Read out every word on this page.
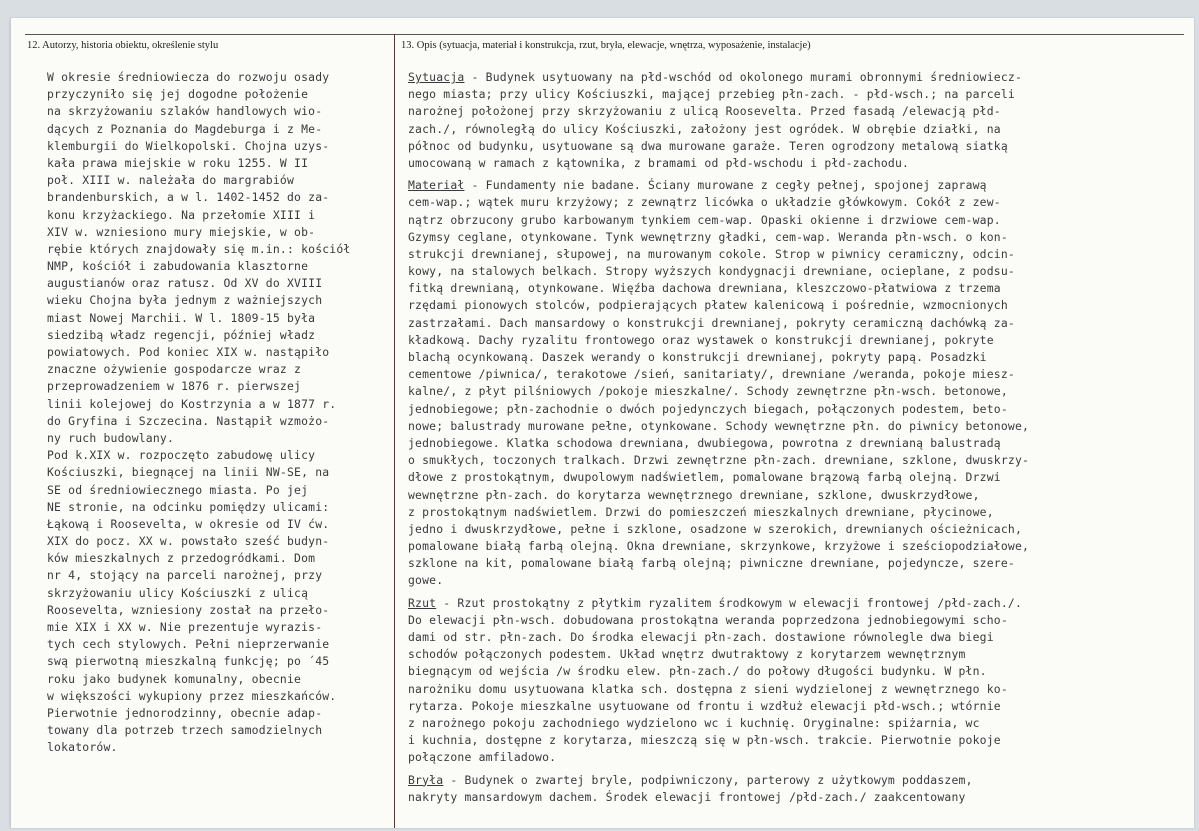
12. Autorzy, historia obiektu, określenie stylu	13. Opis (sytuacja, materiał i konstrukcja, rzut, bryła, elewacje, wnętrza, wyposażenie, instalacje)
W okresie średniowiecza do rozwoju osady
przyczyniło się jej dogodne położenie
na skrzyżowaniu szlaków handlowych wio-
dących z Poznania do Magdeburga i z Me-
klemburgii do Wielkopolski. Chojna uzys-
kała prawa miejskie w roku 1255. W II
poł. XIII w. należała do margrabiów
brandenburskich, a w l. 1402-1452 do za-
konu krzyżackiego. Na przełomie XIII i
XIV w. wzniesiono mury miejskie, w ob-
rębie których znajdowały się m.in.: kościół
NMP, kościół i zabudowania klasztorne
augustianów oraz ratusz. Od XV do XVIII
wieku Chojna była jednym z ważniejszych
miast Nowej Marchii. W l. 1809-15 była
siedzibą władz regencji, później władz
powiatowych. Pod koniec XIX w. nastąpiło
znaczne ożywienie gospodarcze wraz z
przeprowadzeniem w 1876 r. pierwszej
linii kolejowej do Kostrzynia a w 1877 r.
do Gryfina i Szczecina. Nastąpił wzmożo-
ny ruch budowlany.
Pod k.XIX w. rozpoczęto zabudowę ulicy
Kościuszki, biegnącej na linii NW-SE, na
SE od średniowiecznego miasta. Po jej
NE stronie, na odcinku pomiędzy ulicami:
Łąkową i Roosevelta, w okresie od IV ćw.
XIX do pocz. XX w. powstało sześć budyn-
ków mieszkalnych z przedogródkami. Dom
nr 4, stojący na parceli narożnej, przy
skrzyżowaniu ulicy Kościuszki z ulicą
Roosevelta, wzniesiony został na przeło-
mie XIX i XX w. Nie prezentuje wyrazis-
tych cech stylowych. Pełni nieprzerwanie
swą pierwotną mieszkalną funkcję; po ´45
roku jako budynek komunalny, obecnie
w większości wykupiony przez mieszkańców.
Pierwotnie jednorodzinny, obecnie adap-
towany dla potrzeb trzech samodzielnych
lokatorów.
Sytuacja - Budynek usytuowany na płd-wschód od okolonego murami obronnymi średniowiecz-
nego miasta; przy ulicy Kościuszki, mającej przebieg płn-zach. - płd-wsch.; na parceli
narożnej położonej przy skrzyżowaniu z ulicą Roosevelta. Przed fasadą /elewacją płd-
zach./, równoległą do ulicy Kościuszki, założony jest ogródek. W obrębie działki, na
północ od budynku, usytuowane są dwa murowane garaże. Teren ogrodzony metalową siatką
umocowaną w ramach z kątownika, z bramami od płd-wschodu i płd-zachodu.
Materiał - Fundamenty nie badane. Ściany murowane z cegły pełnej, spojonej zaprawą
cem-wap.; wątek muru krzyżowy; z zewnątrz licówka o układzie główkowym. Cokół z zew-
nątrz obrzucony grubo karbowanym tynkiem cem-wap. Opaski okienne i drzwiowe cem-wap.
Gzymsy ceglane, otynkowane. Tynk wewnętrzny gładki, cem-wap. Weranda płn-wsch. o kon-
strukcji drewnianej, słupowej, na murowanym cokole. Strop w piwnicy ceramiczny, odcin-
kowy, na stalowych belkach. Stropy wyższych kondygnacji drewniane, ocieplane, z podsu-
fitką drewnianą, otynkowane. Więźba dachowa drewniana, kleszczowo-płatwiowa z trzema
rzędami pionowych stolców, podpierających płatew kalenicową i pośrednie, wzmocnionych
zastrzałami. Dach mansardowy o konstrukcji drewnianej, pokryty ceramiczną dachówką za-
kładkową. Dachy ryzalitu frontowego oraz wystawek o konstrukcji drewnianej, pokryte
blachą ocynkowaną. Daszek werandy o konstrukcji drewnianej, pokryty papą. Posadzki
cementowe /piwnica/, terakotowe /sień, sanitariaty/, drewniane /weranda, pokoje miesz-
kalne/, z płyt pilśniowych /pokoje mieszkalne/. Schody zewnętrzne płn-wsch. betonowe,
jednobiegowe; płn-zachodnie o dwóch pojedynczych biegach, połączonych podestem, beto-
nowe; balustrady murowane pełne, otynkowane. Schody wewnętrzne płn. do piwnicy betonowe,
jednobiegowe. Klatka schodowa drewniana, dwubiegowa, powrotna z drewnianą balustradą
o smukłych, toczonych tralkach. Drzwi zewnętrzne płn-zach. drewniane, szklone, dwuskrzy-
dłowe z prostokątnym, dwupolowym nadświetlem, pomalowane brązową farbą olejną. Drzwi
wewnętrzne płn-zach. do korytarza wewnętrznego drewniane, szklone, dwuskrzydłowe,
z prostokątnym nadświetlem. Drzwi do pomieszczeń mieszkalnych drewniane, płycinowe,
jedno i dwuskrzydłowe, pełne i szklone, osadzone w szerokich, drewnianych ościeżnicach,
pomalowane białą farbą olejną. Okna drewniane, skrzynkowe, krzyżowe i sześciopodziałowe,
szklone na kit, pomalowane białą farbą olejną; piwniczne drewniane, pojedyncze, szere-
gowe.
Rzut - Rzut prostokątny z płytkim ryzalitem środkowym w elewacji frontowej /płd-zach./.
Do elewacji płn-wsch. dobudowana prostokątna weranda poprzedzona jednobiegowymi scho-
dami od str. płn-zach. Do środka elewacji płn-zach. dostawione równolegle dwa biegi
schodów połączonych podestem. Układ wnętrz dwutraktowy z korytarzem wewnętrznym
biegnącym od wejścia /w środku elew. płn-zach./ do połowy długości budynku. W płn.
narożniku domu usytuowana klatka sch. dostępna z sieni wydzielonej z wewnętrznego ko-
rytarza. Pokoje mieszkalne usytuowane od frontu i wzdłuż elewacji płd-wsch.; wtórnie
z narożnego pokoju zachodniego wydzielono wc i kuchnię. Oryginalne: spiżarnia, wc
i kuchnia, dostępne z korytarza, mieszczą się w płn-wsch. trakcie. Pierwotnie pokoje
połączone amfiladowo.
Bryła - Budynek o zwartej bryle, podpiwniczony, parterowy z użytkowym poddaszem,
nakryty mansardowym dachem. Środek elewacji frontowej /płd-zach./ zaakcentowany
